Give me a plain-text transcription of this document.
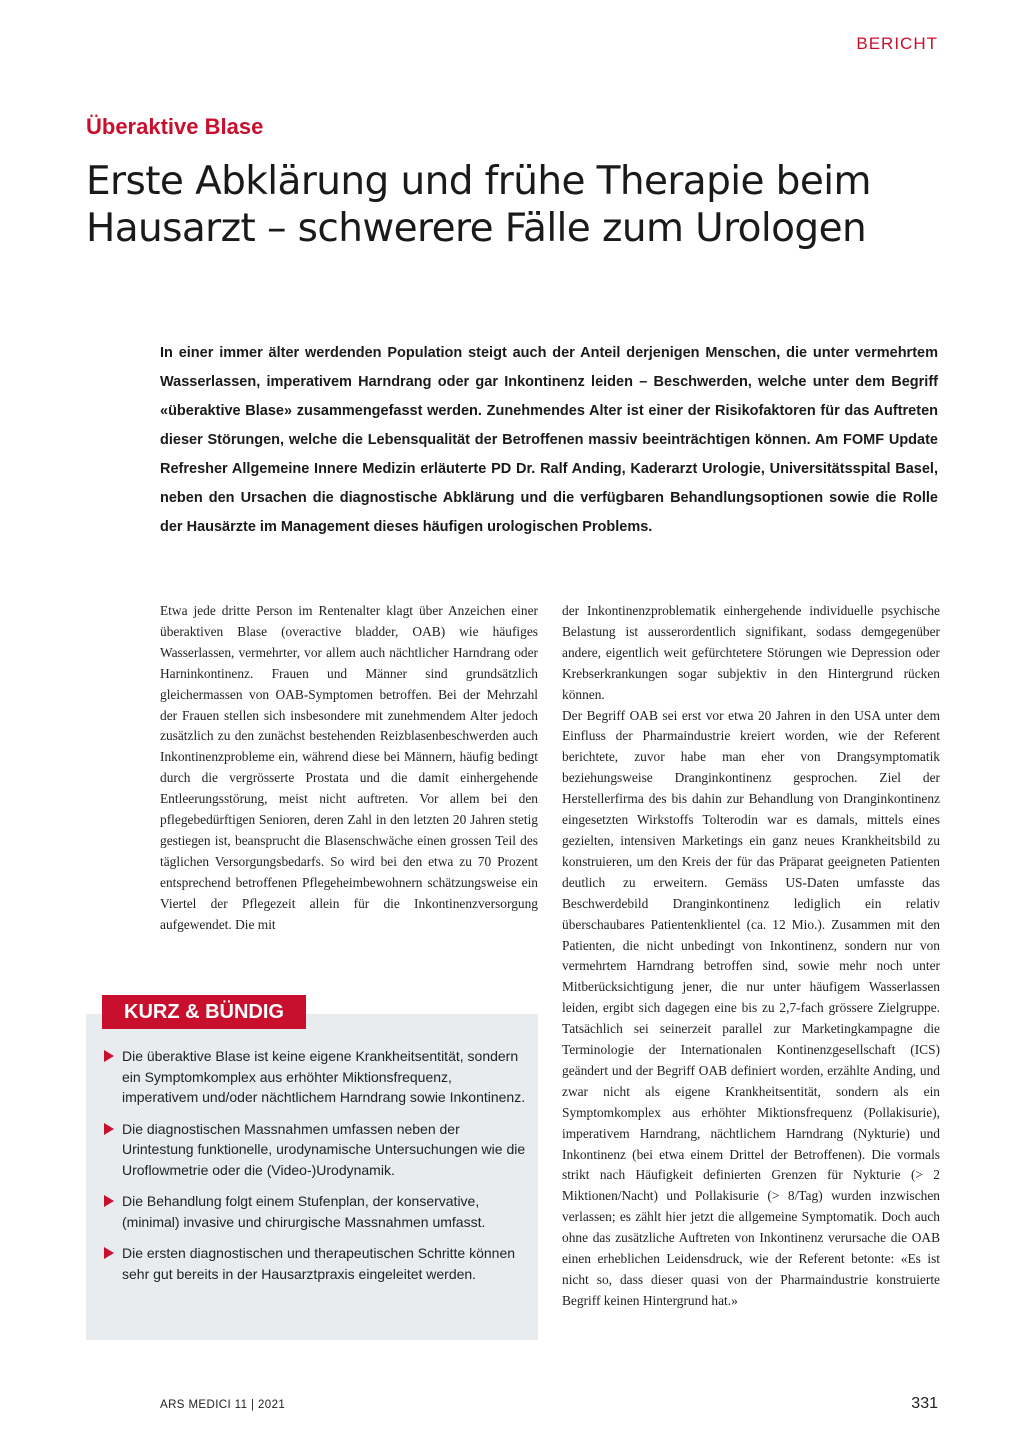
BERICHT
Überaktive Blase
Erste Abklärung und frühe Therapie beim Hausarzt – schwerere Fälle zum Urologen

In einer immer älter werdenden Population steigt auch der Anteil derjenigen Menschen, die unter vermehrtem Wasserlassen, imperativem Harndrang oder gar Inkontinenz leiden – Beschwerden, welche unter dem Begriff «überaktive Blase» zusammengefasst werden. Zunehmendes Alter ist einer der Risikofaktoren für das Auftreten dieser Störungen, welche die Lebensqualität der Betroffenen massiv beeinträchtigen können. Am FOMF Update Refresher Allgemeine Innere Medizin erläuterte PD Dr. Ralf Anding, Kaderarzt Urologie, Universitätsspital Basel, neben den Ursachen die diagnostische Abklärung und die verfügbaren Behandlungsoptionen sowie die Rolle der Hausärzte im Management dieses häufigen urologischen Problems.

Etwa jede dritte Person im Rentenalter klagt über Anzeichen einer überaktiven Blase (overactive bladder, OAB) wie häufiges Wasserlassen, vermehrter, vor allem auch nächtlicher Harndrang oder Harninkontinenz. Frauen und Männer sind grundsätzlich gleichermassen von OAB-Symptomen betroffen. Bei der Mehrzahl der Frauen stellen sich insbesondere mit zunehmendem Alter jedoch zusätzlich zu den zunächst bestehenden Reizblasenbeschwerden auch Inkontinenzprobleme ein, während diese bei Männern, häufig bedingt durch die vergrösserte Prostata und die damit einhergehende Entleerungsstörung, meist nicht auftreten. Vor allem bei den pflegebedürftigen Senioren, deren Zahl in den letzten 20 Jahren stetig gestiegen ist, beansprucht die Blasenschwäche einen grossen Teil des täglichen Versorgungsbedarfs. So wird bei den etwa zu 70 Prozent entsprechend betroffenen Pflegeheimbewohnern schätzungsweise ein Viertel der Pflegezeit allein für die Inkontinenzversorgung aufgewendet. Die mit

der Inkontinenzproblematik einhergehende individuelle psychische Belastung ist ausserordentlich signifikant, sodass demgegenüber andere, eigentlich weit gefürchtetere Störungen wie Depression oder Krebserkrankungen sogar subjektiv in den Hintergrund rücken können.

Der Begriff OAB sei erst vor etwa 20 Jahren in den USA unter dem Einfluss der Pharmaindustrie kreiert worden, wie der Referent berichtete, zuvor habe man eher von Drangsymptomatik beziehungsweise Dranginkontinenz gesprochen. Ziel der Herstellerfirma des bis dahin zur Behandlung von Dranginkontinenz eingesetzten Wirkstoffs Tolterodin war es damals, mittels eines gezielten, intensiven Marketings ein ganz neues Krankheitsbild zu konstruieren, um den Kreis der für das Präparat geeigneten Patienten deutlich zu erweitern. Gemäss US-Daten umfasste das Beschwerdebild Dranginkontinenz lediglich ein relativ überschaubares Patientenklientel (ca. 12 Mio.). Zusammen mit den Patienten, die nicht unbedingt von Inkontinenz, sondern nur von vermehrtem Harndrang betroffen sind, sowie mehr noch unter Mitberücksichtigung jener, die nur unter häufigem Wasserlassen leiden, ergibt sich dagegen eine bis zu 2,7-fach grössere Zielgruppe. Tatsächlich sei seinerzeit parallel zur Marketingkampagne die Terminologie der Internationalen Kontinenzgesellschaft (ICS) geändert und der Begriff OAB definiert worden, erzählte Anding, und zwar nicht als eigene Krankheitsentität, sondern als ein Symptomkomplex aus erhöhter Miktionsfrequenz (Pollakisurie), imperativem Harndrang, nächtlichem Harndrang (Nykturie) und Inkontinenz (bei etwa einem Drittel der Betroffenen). Die vormals strikt nach Häufigkeit definierten Grenzen für Nykturie (> 2 Miktionen/Nacht) und Pollakisurie (> 8/Tag) wurden inzwischen verlassen; es zählt hier jetzt die allgemeine Symptomatik. Doch auch ohne das zusätzliche Auftreten von Inkontinenz verursache die OAB einen erheblichen Leidensdruck, wie der Referent betonte: «Es ist nicht so, dass dieser quasi von der Pharmaindustrie konstruierte Begriff keinen Hintergrund hat.»

KURZ & BÜNDIG
Die überaktive Blase ist keine eigene Krankheitsentität, sondern ein Symptomkomplex aus erhöhter Miktionsfrequenz, imperativem und/oder nächtlichem Harndrang sowie Inkontinenz.
Die diagnostischen Massnahmen umfassen neben der Urintestung funktionelle, urodynamische Untersuchungen wie die Uroflowmetrie oder die (Video-)Urodynamik.
Die Behandlung folgt einem Stufenplan, der konservative, (minimal) invasive und chirurgische Massnahmen umfasst.
Die ersten diagnostischen und therapeutischen Schritte können sehr gut bereits in der Hausarztpraxis eingeleitet werden.
ARS MEDICI 11 | 2021	331
